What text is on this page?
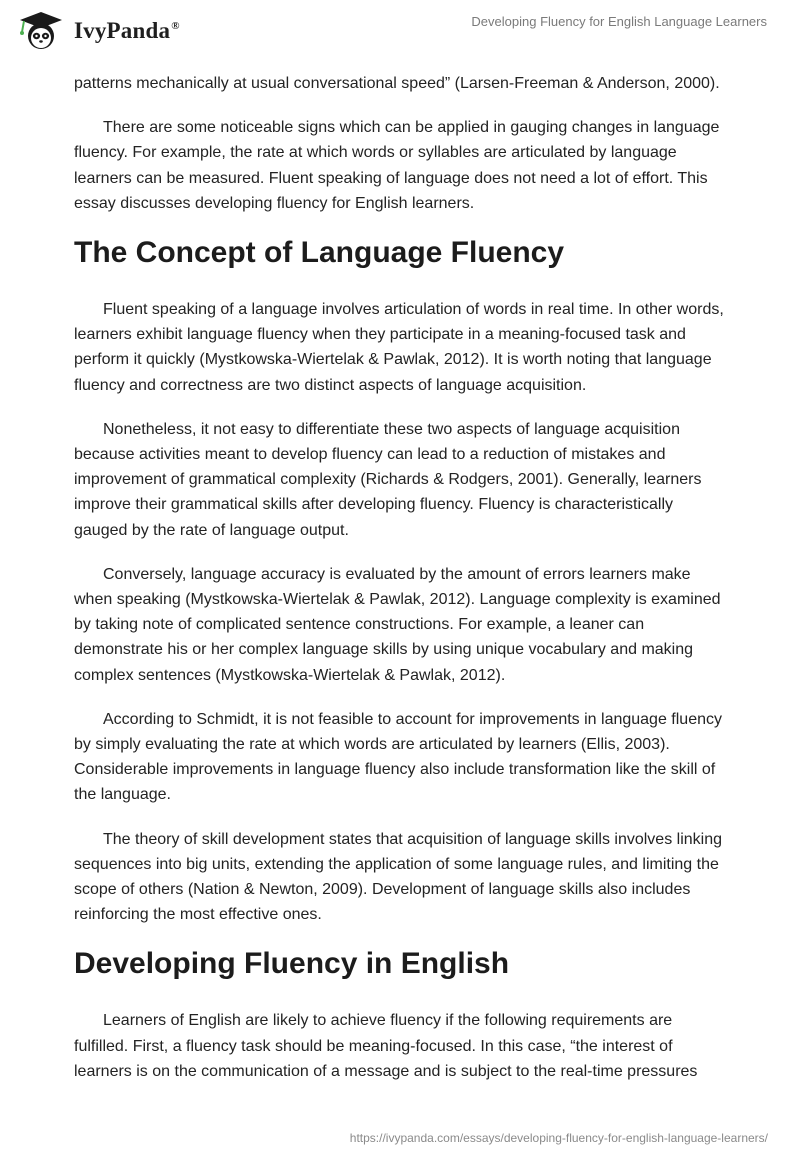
IvyPanda®	Developing Fluency for English Language Learners

patterns mechanically at usual conversational speed” (Larsen-Freeman & Anderson, 2000).

There are some noticeable signs which can be applied in gauging changes in language fluency. For example, the rate at which words or syllables are articulated by language learners can be measured. Fluent speaking of language does not need a lot of effort. This essay discusses developing fluency for English learners.

The Concept of Language Fluency

Fluent speaking of a language involves articulation of words in real time. In other words, learners exhibit language fluency when they participate in a meaning-focused task and perform it quickly (Mystkowska-Wiertelak & Pawlak, 2012). It is worth noting that language fluency and correctness are two distinct aspects of language acquisition.

Nonetheless, it not easy to differentiate these two aspects of language acquisition because activities meant to develop fluency can lead to a reduction of mistakes and improvement of grammatical complexity (Richards & Rodgers, 2001). Generally, learners improve their grammatical skills after developing fluency. Fluency is characteristically gauged by the rate of language output.

Conversely, language accuracy is evaluated by the amount of errors learners make when speaking (Mystkowska-Wiertelak & Pawlak, 2012). Language complexity is examined by taking note of complicated sentence constructions. For example, a leaner can demonstrate his or her complex language skills by using unique vocabulary and making complex sentences (Mystkowska-Wiertelak & Pawlak, 2012).

According to Schmidt, it is not feasible to account for improvements in language fluency by simply evaluating the rate at which words are articulated by learners (Ellis, 2003). Considerable improvements in language fluency also include transformation like the skill of the language.

The theory of skill development states that acquisition of language skills involves linking sequences into big units, extending the application of some language rules, and limiting the scope of others (Nation & Newton, 2009). Development of language skills also includes reinforcing the most effective ones.

Developing Fluency in English

Learners of English are likely to achieve fluency if the following requirements are fulfilled. First, a fluency task should be meaning-focused. In this case, “the interest of learners is on the communication of a message and is subject to the real-time pressures

https://ivypanda.com/essays/developing-fluency-for-english-language-learners/
